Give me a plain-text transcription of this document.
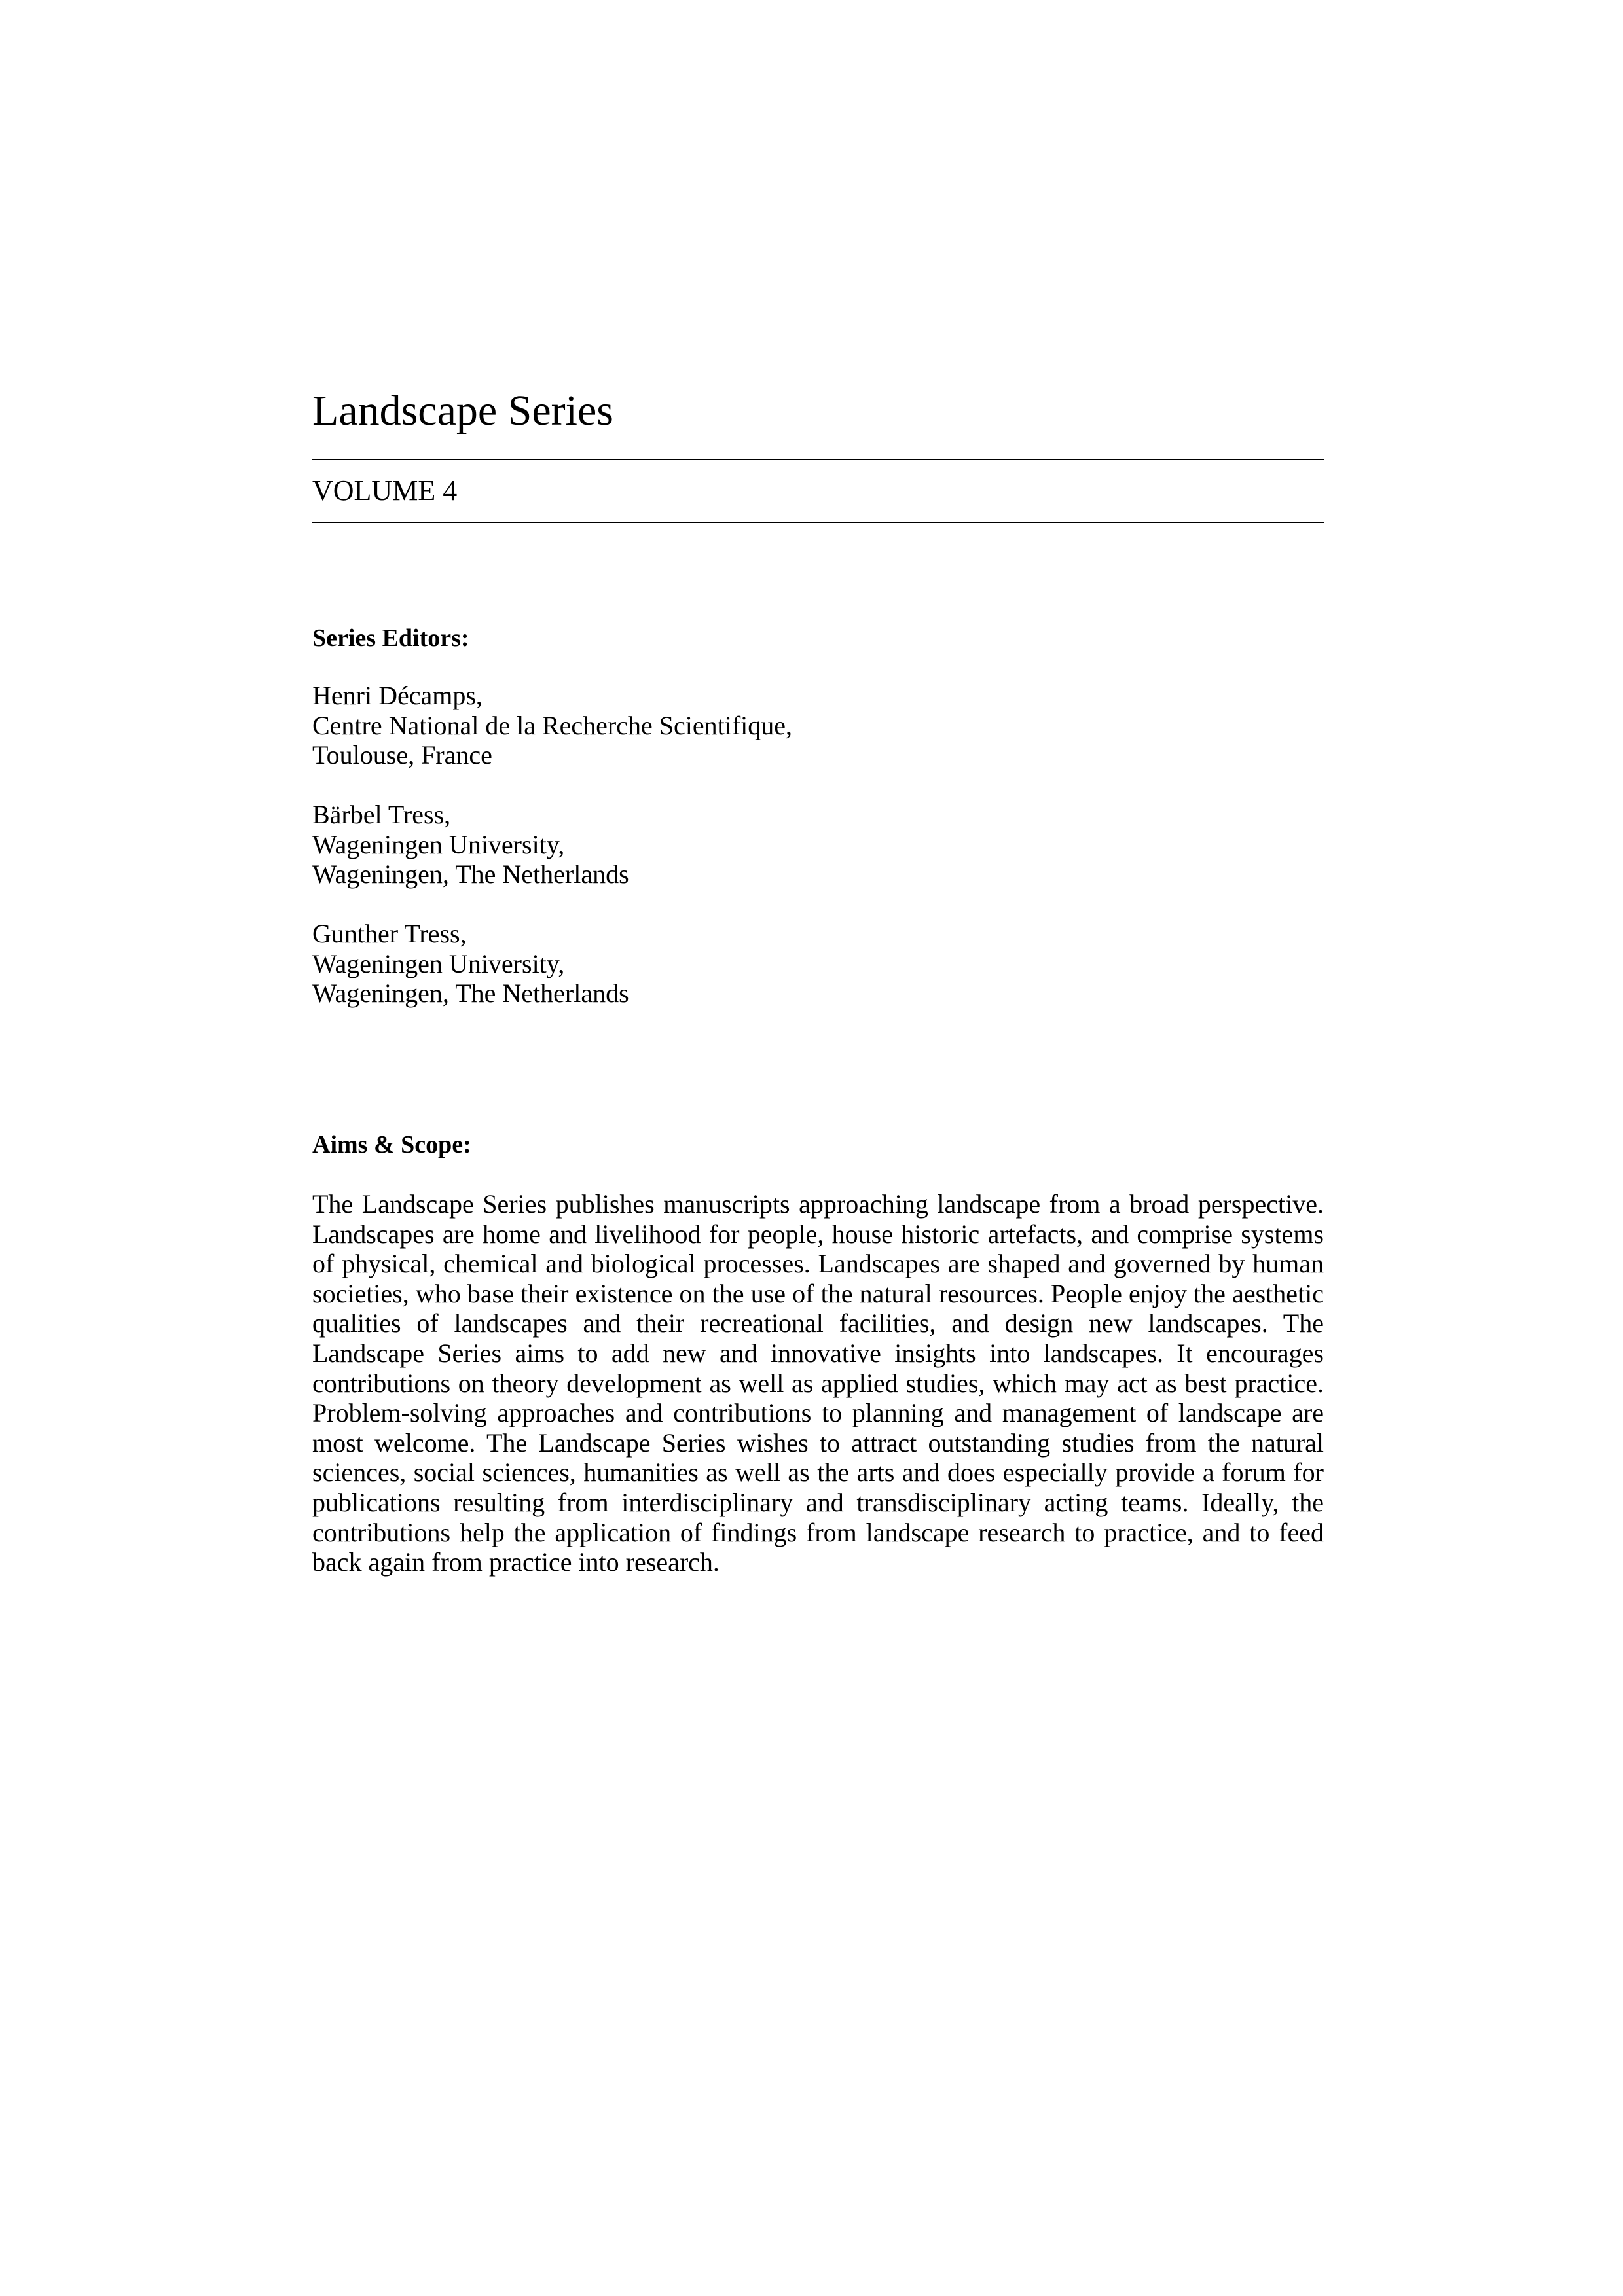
Landscape Series
VOLUME 4
Series Editors:
Henri Décamps,
Centre National de la Recherche Scientifique,
Toulouse, France
Bärbel Tress,
Wageningen University,
Wageningen, The Netherlands
Gunther Tress,
Wageningen University,
Wageningen, The Netherlands
Aims & Scope:
The Landscape Series publishes manuscripts approaching landscape from a broad perspective. Landscapes are home and livelihood for people, house historic artefacts, and comprise systems of physical, chemical and biological processes. Landscapes are shaped and governed by human societies, who base their existence on the use of the natural resources. People enjoy the aesthetic qualities of landscapes and their recreational facilities, and design new landscapes. The Landscape Series aims to add new and innovative insights into landscapes. It encourages contributions on theory development as well as applied studies, which may act as best practice. Problem-solving approaches and contributions to planning and management of landscape are most welcome. The Landscape Series wishes to attract outstanding studies from the natural sciences, social sciences, humanities as well as the arts and does especially provide a forum for publications resulting from interdisciplinary and transdisciplinary acting teams. Ideally, the contributions help the application of findings from landscape research to practice, and to feed back again from practice into research.
